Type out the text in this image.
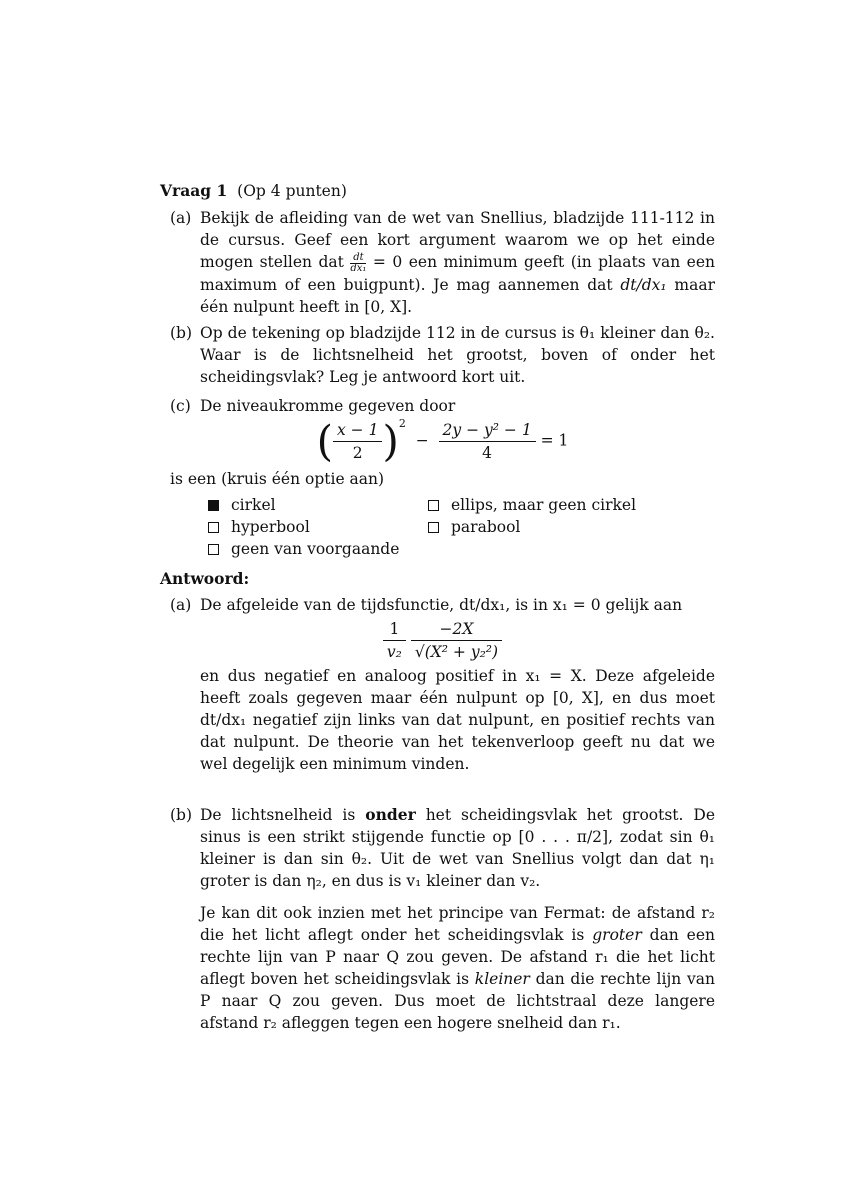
Vraag 1 (Op 4 punten)
(a) Bekijk de afleiding van de wet van Snellius, bladzijde 111-112 in de cursus. Geef een kort argument waarom we op het einde mogen stellen dat $\frac{dt}{\text{dx₁}} = 0$ een minimum geeft (in plaats van een maximum of een buigpunt). Je mag aannemen dat dt/dx₁ maar één nulpunt heeft in [0, X].
(b) Op de tekening op bladzijde 112 in de cursus is θ₁ kleiner dan θ₂. Waar is de lichtsnelheid het grootst, boven of onder het scheidingsvlak? Leg je antwoord kort uit.
(c) De niveaukromme gegeven door
( $\frac{x - 1}{2} )^2 - \frac{\text{2y − y² − 1}}{4} = 1$
is een (kruis één optie aan)
cirkel	ellips, maar geen cirkel
hyperbool	parabool
geen van voorgaande
Antwoord:
(a) De afgeleide van de tijdsfunctie, dt/dx₁, is in x₁ = 0 gelijk aan
$\frac{1}{\text{v₂}}$
$\frac{-2X}{\text{√(X² + y₂²)}}$

en dus negatief en analoog positief in x₁ = X. Deze afgeleide heeft zoals gegeven maar één nulpunt op [0, X], en dus moet dt/dx₁ negatief zijn links van dat nulpunt, en positief rechts van dat nulpunt. De theorie van het tekenverloop geeft nu dat we wel degelijk een minimum vinden.

(b) De lichtsnelheid is onder het scheidingsvlak het grootst. De sinus is een strikt stijgende functie op [0 . . . π/2], zodat sin θ₁ kleiner is dan sin θ₂. Uit de wet van Snellius volgt dan dat η₁ groter is dan η₂, en dus is v₁ kleiner dan v₂.

Je kan dit ook inzien met het principe van Fermat: de afstand r₂ die het licht aflegt onder het scheidingsvlak is groter dan een rechte lijn van P naar Q zou geven. De afstand r₁ die het licht aflegt boven het scheidingsvlak is kleiner dan die rechte lijn van P naar Q zou geven. Dus moet de lichtstraal deze langere afstand r₂ afleggen tegen een hogere snelheid dan r₁.
